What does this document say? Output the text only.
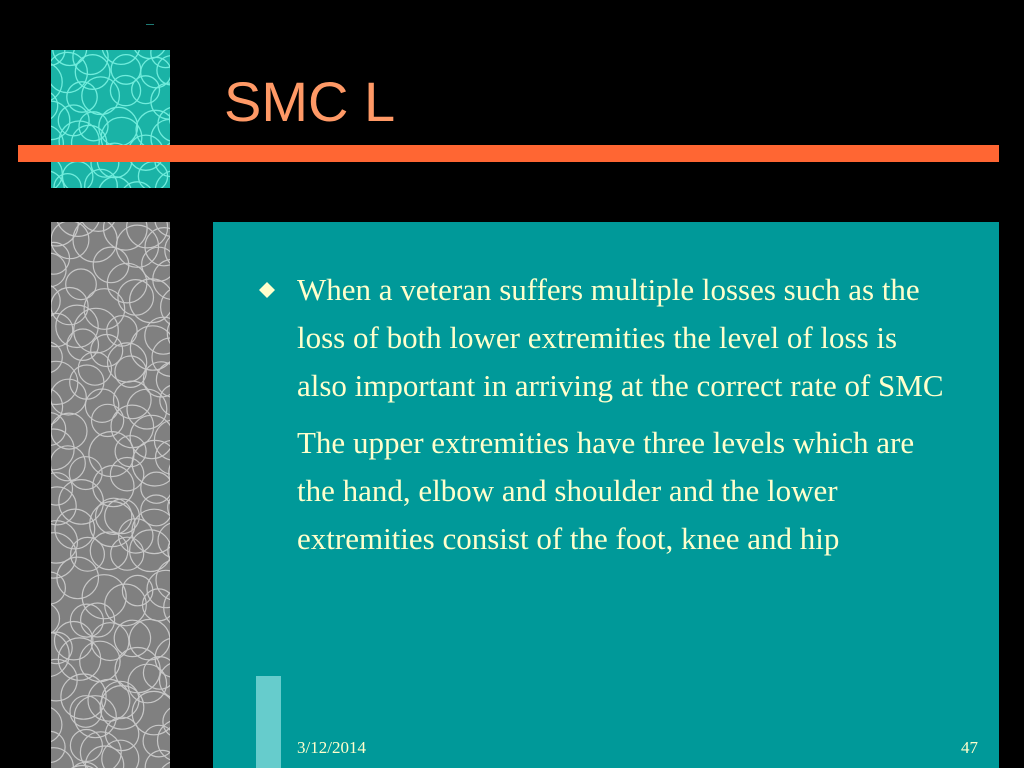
SMC L
When a veteran suffers multiple losses such as the loss of both lower extremities the level of loss is also important in arriving at the correct rate of SMC
The upper extremities have three levels which are the hand, elbow and shoulder and the lower extremities consist of the foot, knee and hip
3/12/2014	47
